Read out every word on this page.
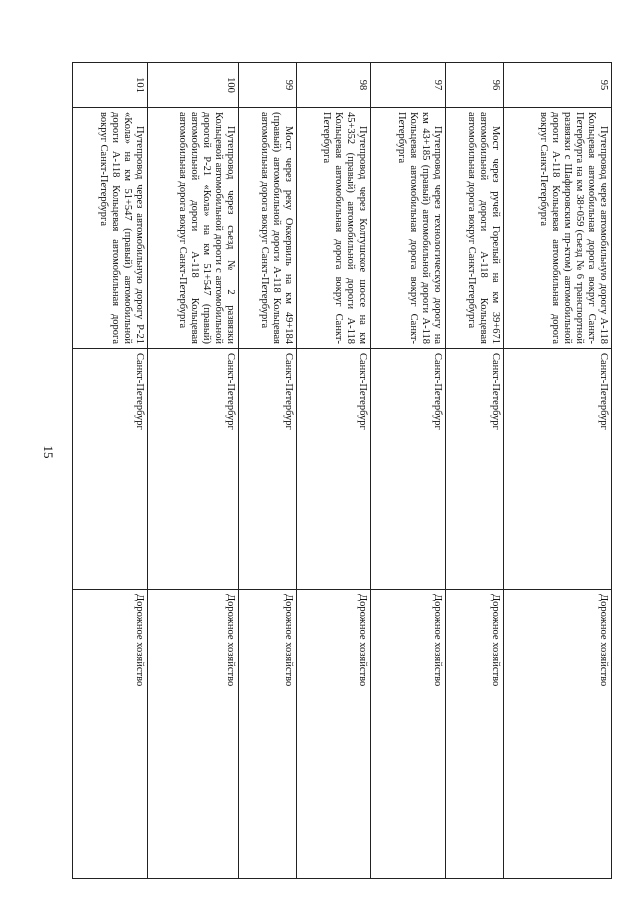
15
95	Путепровод через автомобильную дорогу А-118 Кольцевая автомобильная дорога вокруг Санкт-Петербурга на км 38+059 (съезд № 6 транспортной развязки с Шафировским пр-ктом) автомобильной дороги А-118 Кольцевая автомобильная дорога вокруг Санкт-Петербурга	Санкт-Петербург	Дорожное хозяйство
96	Мост через ручей Горелый на км 39+671 автомобильной дороги А-118 Кольцевая автомобильная дорога вокруг Санкт-Петербурга	Санкт-Петербург	Дорожное хозяйство
97	Путепровод через технологическую дорогу на км 43+185 (правый) автомобильной дороги А-118 Кольцевая автомобильная дорога вокруг Санкт-Петербурга	Санкт-Петербург	Дорожное хозяйство
98	Путепровод через Колтушское шоссе на км 45+352 (правый) автомобильной дороги А-118 Кольцевая автомобильная дорога вокруг Санкт-Петербурга	Санкт-Петербург	Дорожное хозяйство
99	Мост через реку Оккервиль на км 49+184 (правый) автомобильной дороги А-118 Кольцевая автомобильная дорога вокруг Санкт-Петербурга	Санкт-Петербург	Дорожное хозяйство
100	Путепровод через съезд № 2 развязки Кольцевой автомобильной дороги с автомобильной дорогой Р-21 «Кола» на км 51+547 (правый) автомобильной дороги А-118 Кольцевая автомобильная дорога вокруг Санкт-Петербурга	Санкт-Петербург	Дорожное хозяйство
101	Путепровод через автомобильную дорогу Р-21 «Кола» на км 51+547 (правый) автомобильной дороги А-118 Кольцевая автомобильная дорога вокруг Санкт-Петербурга	Санкт-Петербург	Дорожное хозяйство
